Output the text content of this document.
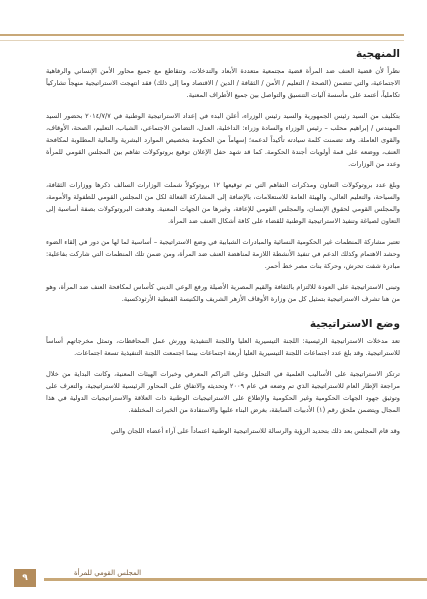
المنهجية

نظراً لأن قضية العنف ضد المرأة قضية مجتمعية متعددة الأبعاد والتدخلات، وتتقاطع مع جميع محاور الأمن الإنساني والرفاهية الاجتماعية، والتي تتضمن (الصحة / التعليم / الأمن / الثقافة / الدين / الاقتصاد وما إلى ذلك) فقد انتهجت الاستراتيجية منهجاً تشاركياً تكاملياً، أعتمد على مأسسة آليات التنسيق والتواصل بين جميع الأطراف المعنية.

بتكليف من السيد رئيس الجمهورية والسيد رئيس الوزراء، أعلن البدء في إعداد الاستراتيجية الوطنية في ٢٠١٤/٧/٧ بحضور السيد المهندس / إبراهيم محلب – رئيس الوزراء والسادة وزراء: الداخلية، العدل، التضامن الاجتماعي، الشباب، التعليم، الصحة، الأوقاف، والقوى العاملة. وقد تضمنت كلمة سيادته تأكيداً لدعمه؛ إسهاماً من الحكومة بتخصيص الموارد البشرية والمالية المطلوبة لمكافحة العنف، ووضعه على قمة أولويات أجندة الحكومة. كما قد شهد حفل الإعلان توقيع بروتوكولات تفاهم بين المجلس القومي للمرأة وعدد من الوزارات.

وبلغ عدد بروتوكولات التعاون ومذكرات التفاهم التي تم توقيعها ١٢ بروتوكولاً شملت الوزارات السالف ذكرها ووزارات الثقافة، والسياحة، والتعليم العالي، والهيئة العامة للاستعلامات، بالإضافة إلى المشاركة الفعالة لكل من المجلس القومي للطفولة والأمومة، والمجلس القومي لحقوق الإنسان، والمجلس القومي للإعاقة، وغيرها من الجهات المعنية. وهدفت البروتوكولات بصفة أساسية إلى التعاون لصياغة وتنفيذ الاستراتيجية الوطنية للقضاء على كافة أشكال العنف ضد المرأة.

تعتبر مشاركة المنظمات غير الحكومية النسائية والمبادرات الشبابية في وضع الاستراتيجية – أساسية لما لها من دور في إلقاء الضوء وحشد الاهتمام وكذلك الدعم في تنفيذ الأنشطة اللازمة لمناهضة العنف ضد المرأة، ومن ضمن تلك المنظمات التي شاركت بفاعلية: مبادرة شفت تحرش، وحركة بنات مصر خط أحمر.

وتبنى الاستراتيجية على العودة للالتزام بالثقافة والقيم المصرية الأصيلة ورفع الوعي الديني كأساس لمكافحة العنف ضد المرأة، وهو من هنا تشرف الاستراتيجية بتمثيل كل من وزارة الأوقاف الأزهر الشريف والكنيسة القبطية الأرثوذكسية.

وضع الاستراتيجية

تعد مدخلات الاستراتيجية الرئيسية: اللجنة التيسيرية العليا واللجنة التنفيذية وورش عمل المحافظات، وتمثل مخرجاتهم أساساً للاستراتيجية. وقد بلغ عدد اجتماعات اللجنة التيسيرية العليا أربعة اجتماعات بينما اجتمعت اللجنة التنفيذية تسعة اجتماعات.

ترتكز الاستراتيجية على الأساليب العلمية في التحليل وعلى التراكم المعرفي وخبرات الهيئات المعنية، وكانت البداية من خلال مراجعة الإطار العام للاستراتيجية الذي تم وضعه في عام ٢٠٠٩ وتحديثه والاتفاق على المحاور الرئيسية للاستراتيجية، والتعرف على وتوثيق جهود الجهات الحكومية وغير الحكومية والإطلاع على الاستراتيجيات الوطنية ذات العلاقة والاستراتيجيات الدولية في هذا المجال ويتضمن ملحق رقم (١) الأدبيات السابقة، بغرض البناء عليها والاستفادة من الخبرات المختلفة.

وقد قام المجلس بعد ذلك بتحديد الرؤية والرسالة للاستراتيجية الوطنية اعتماداً على آراء أعضاء اللجان والتي

المجلس القومي للمرأة
٩
